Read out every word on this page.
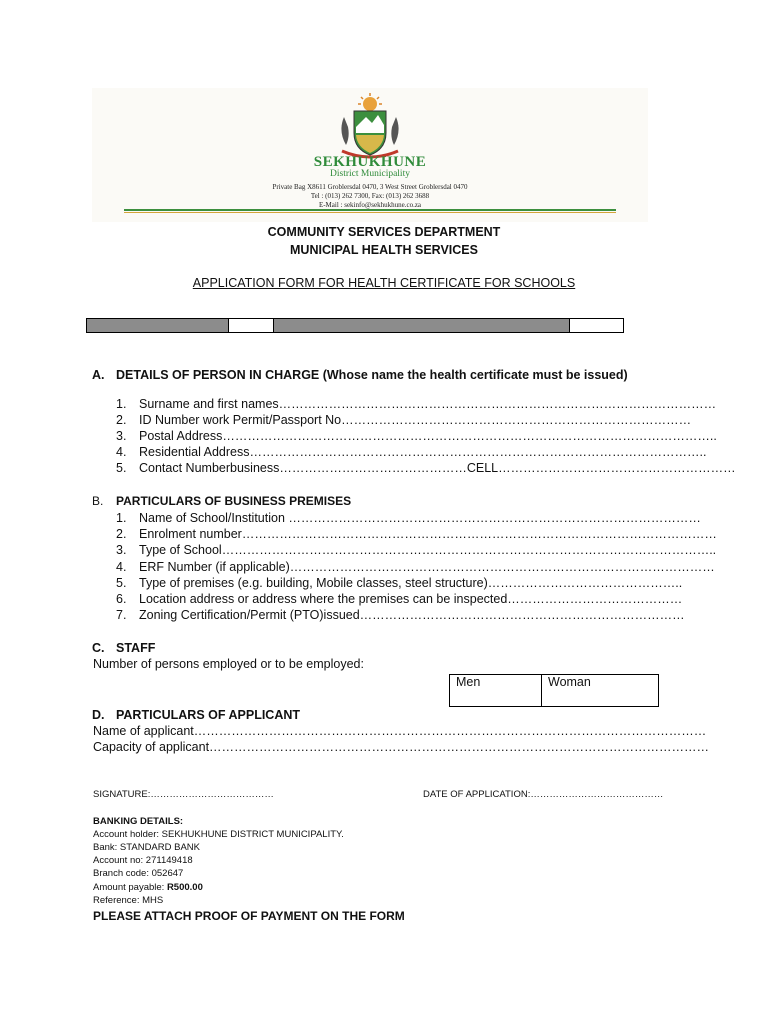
SEKHUKHUNE
District Municipality
Private Bag X8611 Groblersdal 0470, 3 West Street Groblersdal 0470
Tel : (013) 262 7300, Fax: (013) 262 3688
E-Mail : sekinfo@sekhukhune.co.za
COMMUNITY SERVICES DEPARTMENT
MUNICIPAL HEALTH SERVICES
APPLICATION FORM FOR HEALTH CERTIFICATE FOR SCHOOLS
A. DETAILS OF PERSON IN CHARGE (Whose name the health certificate must be issued)
1. Surname and first names……………………………………………………………………………………………
2. ID Number work Permit/Passport No…………………………………………………………………………
3. Postal Address………………………………………………………………………………………………………..
4. Residential Address………………………………………………………………………………………………..
5. Contact Numberbusiness………………………………………CELL…………………………………………………
B. PARTICULARS OF BUSINESS PREMISES
1. Name of School/Institution ………………………………………………………………………………………
2. Enrolment number……………………………………………………………………………………………………
3. Type of School………………………………………………………………………………………………………..
4. ERF Number (if applicable)…………………………………………………………………………………………
5. Type of premises (e.g. building, Mobile classes, steel structure)………………………………………..
6. Location address or address where the premises can be inspected……………………………………
7. Zoning Certification/Permit (PTO)issued……………………………………………………………………
C. STAFF
Number of persons employed or to be employed:
Men	Woman
D. PARTICULARS OF APPLICANT
Name of applicant……………………………………………………………………………………………………………
Capacity of applicant…………………………………………………………………………………………………………
SIGNATURE:…………………………………	DATE OF APPLICATION:……………………………………
BANKING DETAILS:
Account holder: SEKHUKHUNE DISTRICT MUNICIPALITY.
Bank: STANDARD BANK
Account no: 271149418
Branch code: 052647
Amount payable: R500.00
Reference: MHS
PLEASE ATTACH PROOF OF PAYMENT ON THE FORM
